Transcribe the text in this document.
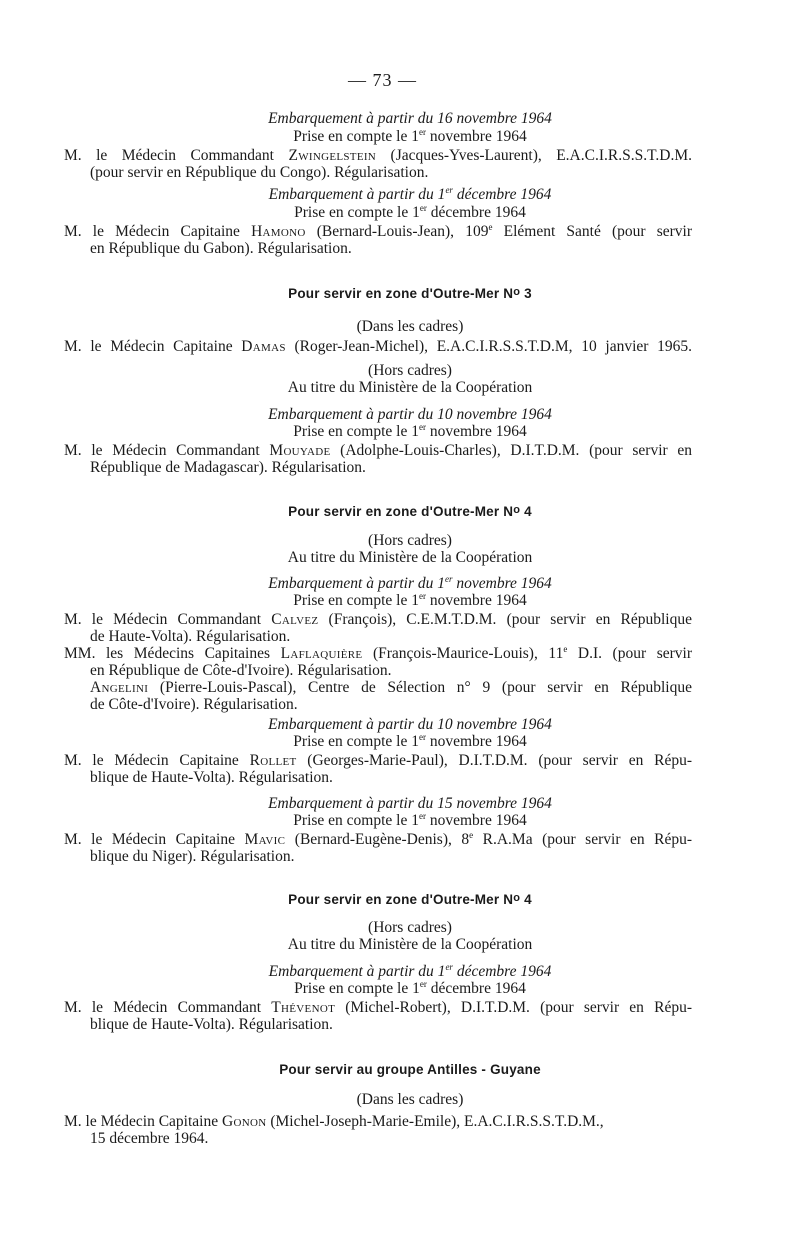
— 73 —
Embarquement à partir du 16 novembre 1964
Prise en compte le 1er novembre 1964
M. le Médecin Commandant Zwingelstein (Jacques-Yves-Laurent), E.A.C.I.R.S.S.T.D.M.
(pour servir en République du Congo). Régularisation.
Embarquement à partir du 1er décembre 1964
Prise en compte le 1er décembre 1964
M. le Médecin Capitaine Hamono (Bernard-Louis-Jean), 109e Elément Santé (pour servir
en République du Gabon). Régularisation.
Pour servir en zone d'Outre-Mer $N^o$ 3
(Dans les cadres)
M. le Médecin Capitaine Damas (Roger-Jean-Michel), E.A.C.I.R.S.S.T.D.M, 10 janvier 1965.
(Hors cadres)
Au titre du Ministère de la Coopération
Embarquement à partir du 10 novembre 1964
Prise en compte le 1er novembre 1964
M. le Médecin Commandant Mouyade (Adolphe-Louis-Charles), D.I.T.D.M. (pour servir en
République de Madagascar). Régularisation.
Pour servir en zone d'Outre-Mer $N^o$ 4
(Hors cadres)
Au titre du Ministère de la Coopération
Embarquement à partir du 1er novembre 1964
Prise en compte le 1er novembre 1964
M. le Médecin Commandant Calvez (François), C.E.M.T.D.M. (pour servir en République
de Haute-Volta). Régularisation.
MM. les Médecins Capitaines Laflaquière (François-Maurice-Louis), 11e D.I. (pour servir
en République de Côte-d'Ivoire). Régularisation.
Angelini (Pierre-Louis-Pascal), Centre de Sélection n° 9 (pour servir en République
de Côte-d'Ivoire). Régularisation.
Embarquement à partir du 10 novembre 1964
Prise en compte le 1er novembre 1964
M. le Médecin Capitaine Rollet (Georges-Marie-Paul), D.I.T.D.M. (pour servir en Répu-
blique de Haute-Volta). Régularisation.
Embarquement à partir du 15 novembre 1964
Prise en compte le 1er novembre 1964
M. le Médecin Capitaine Mavic (Bernard-Eugène-Denis), 8e R.A.Ma (pour servir en Répu-
blique du Niger). Régularisation.
Pour servir en zone d'Outre-Mer $N^o$ 4
(Hors cadres)
Au titre du Ministère de la Coopération
Embarquement à partir du 1er décembre 1964
Prise en compte le 1er décembre 1964
M. le Médecin Commandant Thévenot (Michel-Robert), D.I.T.D.M. (pour servir en Répu-
blique de Haute-Volta). Régularisation.
Pour servir au groupe Antilles - Guyane
(Dans les cadres)
M. le Médecin Capitaine Gonon (Michel-Joseph-Marie-Emile), E.A.C.I.R.S.S.T.D.M.,
15 décembre 1964.
